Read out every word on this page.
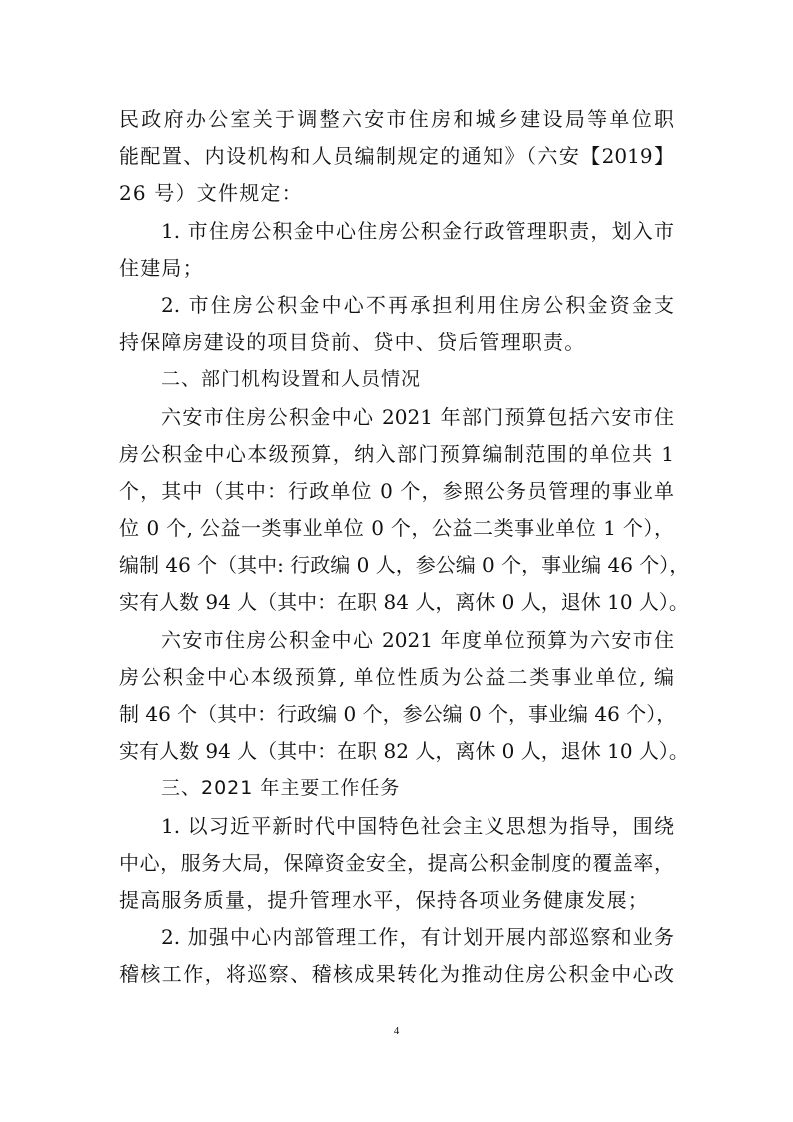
民政府办公室关于调整六安市住房和城乡建设局等单位职
能配置、内设机构和人员编制规定的通知》（六安【2019】
26 号）文件规定：
1. 市住房公积金中心住房公积金行政管理职责，划入市
住建局；
2. 市住房公积金中心不再承担利用住房公积金资金支
持保障房建设的项目贷前、贷中、贷后管理职责。
二、部门机构设置和人员情况
六安市住房公积金中心 2021 年部门预算包括六安市住
房公积金中心本级预算，纳入部门预算编制范围的单位共 1
个，其中（其中：行政单位 0 个，参照公务员管理的事业单
位 0 个, 公益一类事业单位 0 个，公益二类事业单位 1 个），
编制 46 个（其中: 行政编 0 人，参公编 0 个，事业编 46 个），
实有人数 94 人（其中：在职 84 人，离休 0 人，退休 10 人）。
六安市住房公积金中心 2021 年度单位预算为六安市住
房公积金中心本级预算, 单位性质为公益二类事业单位, 编
制 46 个（其中：行政编 0 个，参公编 0 个，事业编 46 个），
实有人数 94 人（其中：在职 82 人，离休 0 人，退休 10 人）。
三、2021 年主要工作任务
1. 以习近平新时代中国特色社会主义思想为指导，围绕
中心，服务大局，保障资金安全，提高公积金制度的覆盖率，
提高服务质量，提升管理水平，保持各项业务健康发展；
2. 加强中心内部管理工作，有计划开展内部巡察和业务
稽核工作，将巡察、稽核成果转化为推动住房公积金中心改
4
